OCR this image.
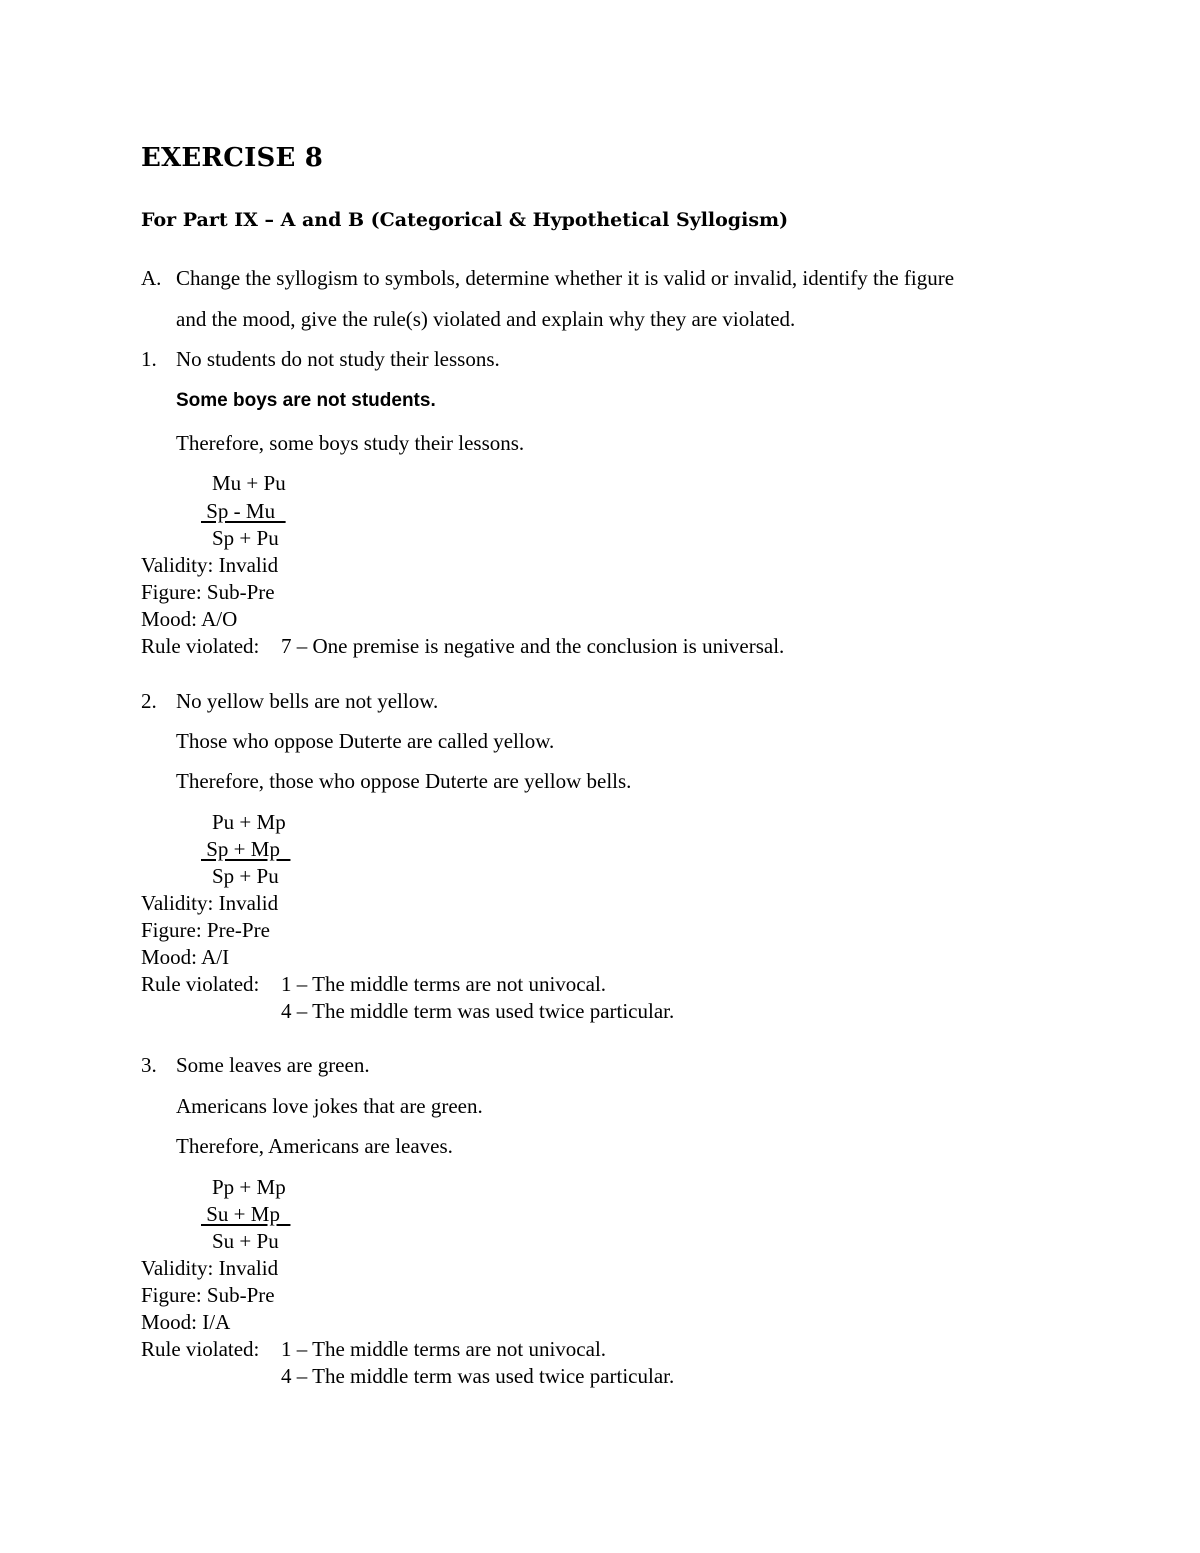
EXERCISE 8
For Part IX – A and B (Categorical & Hypothetical Syllogism)
A. Change the syllogism to symbols, determine whether it is valid or invalid, identify the figure
and the mood, give the rule(s) violated and explain why they are violated.
1. No students do not study their lessons.
Some boys are not students.
Therefore, some boys study their lessons.
Mu + Pu
Sp - Mu
Sp + Pu
Validity: Invalid
Figure: Sub-Pre
Mood: A/O
Rule violated: 7 – One premise is negative and the conclusion is universal.
2. No yellow bells are not yellow.
Those who oppose Duterte are called yellow.
Therefore, those who oppose Duterte are yellow bells.
Pu + Mp
Sp + Mp
Sp + Pu
Validity: Invalid
Figure: Pre-Pre
Mood: A/I
Rule violated: 1 – The middle terms are not univocal.
4 – The middle term was used twice particular.
3. Some leaves are green.
Americans love jokes that are green.
Therefore, Americans are leaves.
Pp + Mp
Su + Mp
Su + Pu
Validity: Invalid
Figure: Sub-Pre
Mood: I/A
Rule violated: 1 – The middle terms are not univocal.
4 – The middle term was used twice particular.
